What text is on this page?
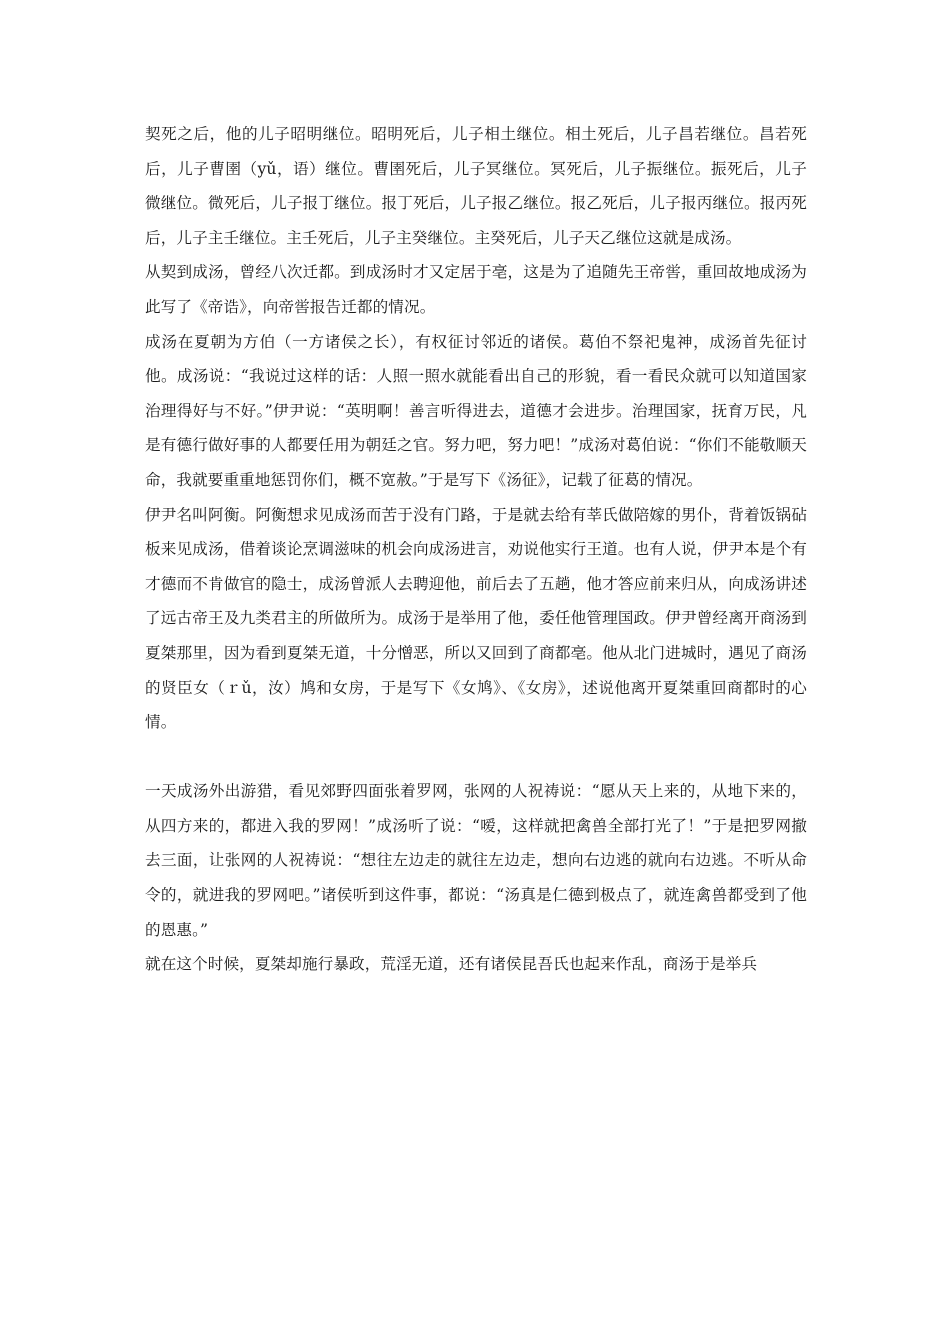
契死之后，他的儿子昭明继位。昭明死后，儿子相土继位。相土死后，儿子昌若继位。昌若死后，儿子曹圉（yǔ，语）继位。曹圉死后，儿子冥继位。冥死后，儿子振继位。振死后，儿子微继位。微死后，儿子报丁继位。报丁死后，儿子报乙继位。报乙死后，儿子报丙继位。报丙死后，儿子主壬继位。主壬死后，儿子主癸继位。主癸死后，儿子天乙继位这就是成汤。

从契到成汤，曾经八次迁都。到成汤时才又定居于亳，这是为了追随先王帝喾，重回故地成汤为此写了《帝诰》，向帝喾报告迁都的情况。

成汤在夏朝为方伯（一方诸侯之长），有权征讨邻近的诸侯。葛伯不祭祀鬼神，成汤首先征讨他。成汤说：“我说过这样的话：人照一照水就能看出自己的形貌，看一看民众就可以知道国家治理得好与不好。”伊尹说：“英明啊！善言听得进去，道德才会进步。治理国家，抚育万民，凡是有德行做好事的人都要任用为朝廷之官。努力吧，努力吧！”成汤对葛伯说：“你们不能敬顺天命，我就要重重地惩罚你们，概不宽赦。”于是写下《汤征》，记载了征葛的情况。

伊尹名叫阿衡。阿衡想求见成汤而苦于没有门路，于是就去给有莘氏做陪嫁的男仆，背着饭锅砧板来见成汤，借着谈论烹调滋味的机会向成汤进言，劝说他实行王道。也有人说，伊尹本是个有才德而不肯做官的隐士，成汤曾派人去聘迎他，前后去了五趟，他才答应前来归从，向成汤讲述了远古帝王及九类君主的所做所为。成汤于是举用了他，委任他管理国政。伊尹曾经离开商汤到夏桀那里，因为看到夏桀无道，十分憎恶，所以又回到了商都亳。他从北门进城时，遇见了商汤的贤臣女（ｒǔ，汝）鸠和女房，于是写下《女鸠》、《女房》，述说他离开夏桀重回商都时的心情。

一天成汤外出游猎，看见郊野四面张着罗网，张网的人祝祷说：“愿从天上来的，从地下来的，从四方来的，都进入我的罗网！”成汤听了说：“嗳，这样就把禽兽全部打光了！”于是把罗网撤去三面，让张网的人祝祷说：“想往左边走的就往左边走，想向右边逃的就向右边逃。不听从命令的，就进我的罗网吧。”诸侯听到这件事，都说：“汤真是仁德到极点了，就连禽兽都受到了他的恩惠。”

就在这个时候，夏桀却施行暴政，荒淫无道，还有诸侯昆吾氏也起来作乱，商汤于是举兵
